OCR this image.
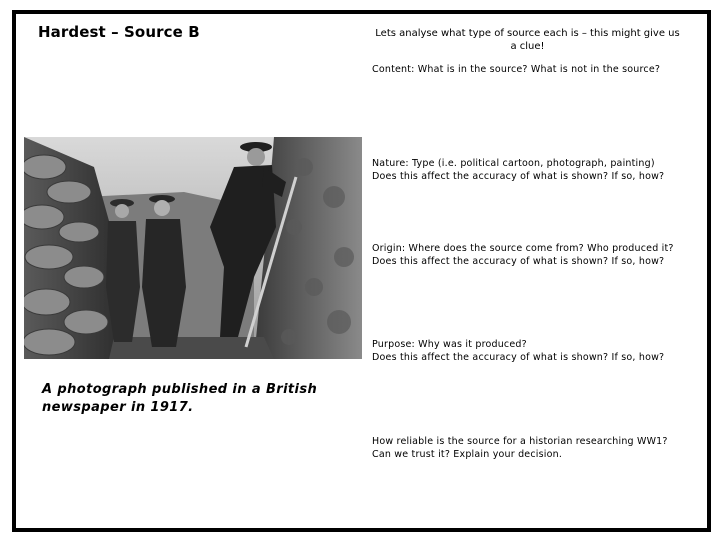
Hardest – Source B	Lets analyse what type of source each is – this might give us a clue!
Content: What is in the source? What is not in the source?
Nature: Type (i.e. political cartoon, photograph, painting)
Does this affect the accuracy of what is shown? If so, how?
Origin: Where does the source come from? Who produced it?
Does this affect the accuracy of what is shown? If so, how?
Purpose: Why was it produced?
Does this affect the accuracy of what is shown? If so, how?
How reliable is the source for a historian researching WW1? Can we trust it? Explain your decision.
A photograph published in a British newspaper in 1917.
